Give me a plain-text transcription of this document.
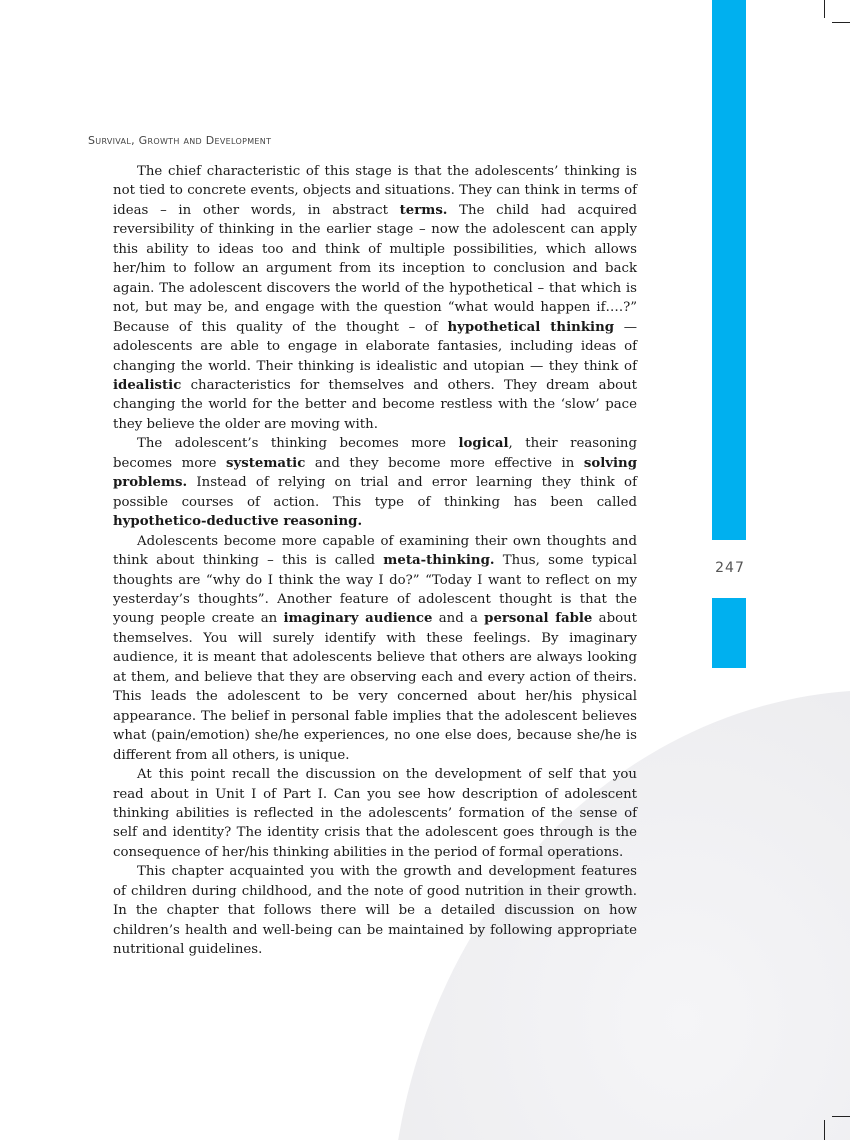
247
Survival, Growth and Development

The chief characteristic of this stage is that the adolescents’ thinking is not tied to concrete events, objects and situations. They can think in terms of ideas – in other words, in abstract terms. The child had acquired reversibility of thinking in the earlier stage – now the adolescent can apply this ability to ideas too and think of multiple possibilities, which allows her/him to follow an argument from its inception to conclusion and back again. The adolescent discovers the world of the hypothetical – that which is not, but may be, and engage with the question “what would happen if….?” Because of this quality of the thought – of hypothetical thinking — adolescents are able to engage in elaborate fantasies, including ideas of changing the world. Their thinking is idealistic and utopian — they think of idealistic characteristics for themselves and others. They dream about changing the world for the better and become restless with the ‘slow’ pace they believe the older are moving with.

The adolescent’s thinking becomes more logical, their reasoning becomes more systematic and they become more effective in solving problems. Instead of relying on trial and error learning they think of possible courses of action. This type of thinking has been called hypothetico-deductive reasoning.

Adolescents become more capable of examining their own thoughts and think about thinking – this is called meta-thinking. Thus, some typical thoughts are “why do I think the way I do?” “Today I want to reflect on my yesterday’s thoughts”. Another feature of adolescent thought is that the young people create an imaginary audience and a personal fable about themselves. You will surely identify with these feelings. By imaginary audience, it is meant that adolescents believe that others are always looking at them, and believe that they are observing each and every action of theirs. This leads the adolescent to be very concerned about her/his physical appearance. The belief in personal fable implies that the adolescent believes what (pain/emotion) she/he experiences, no one else does, because she/he is different from all others, is unique.

At this point recall the discussion on the development of self that you read about in Unit I of Part I. Can you see how description of adolescent thinking abilities is reflected in the adolescents’ formation of the sense of self and identity? The identity crisis that the adolescent goes through is the consequence of her/his thinking abilities in the period of formal operations.

This chapter acquainted you with the growth and development features of children during childhood, and the note of good nutrition in their growth. In the chapter that follows there will be a detailed discussion on how children’s health and well-being can be maintained by following appropriate nutritional guidelines.
